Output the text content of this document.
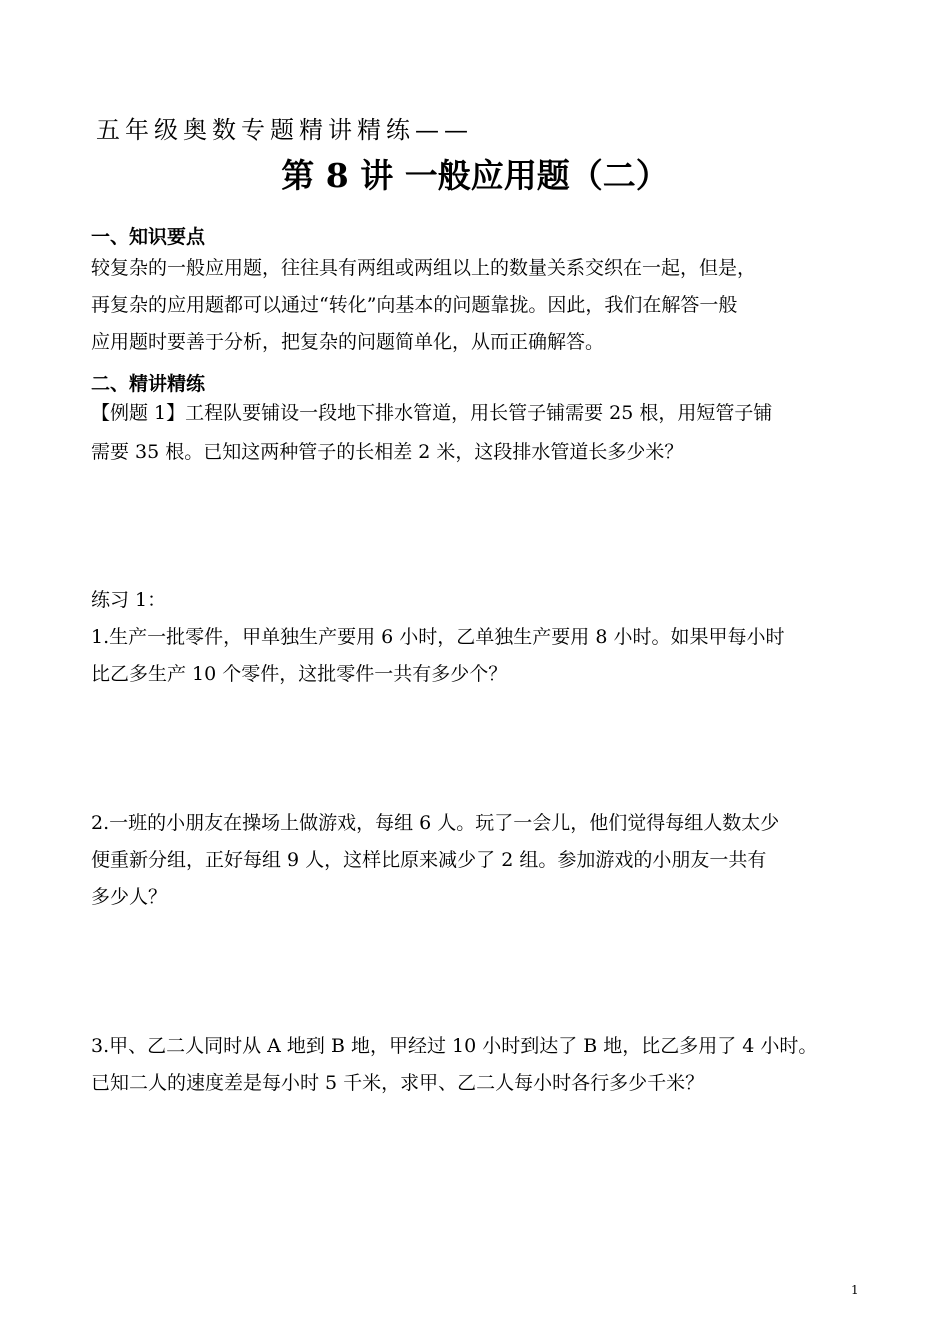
五年级奥数专题精讲精练——
第 8 讲 一般应用题（二）
一、知识要点
较复杂的一般应用题，往往具有两组或两组以上的数量关系交织在一起，但是，
再复杂的应用题都可以通过“转化”向基本的问题靠拢。因此，我们在解答一般
应用题时要善于分析，把复杂的问题简单化，从而正确解答。
二、精讲精练
【例题 1】工程队要铺设一段地下排水管道，用长管子铺需要 25 根，用短管子铺
需要 35 根。已知这两种管子的长相差 2 米，这段排水管道长多少米？
练习 1：
1.生产一批零件，甲单独生产要用 6 小时，乙单独生产要用 8 小时。如果甲每小时
比乙多生产 10 个零件，这批零件一共有多少个？
2.一班的小朋友在操场上做游戏，每组 6 人。玩了一会儿，他们觉得每组人数太少
便重新分组，正好每组 9 人，这样比原来减少了 2 组。参加游戏的小朋友一共有
多少人？
3.甲、乙二人同时从 A 地到 B 地，甲经过 10 小时到达了 B 地，比乙多用了 4 小时。
已知二人的速度差是每小时 5 千米，求甲、乙二人每小时各行多少千米？
1
